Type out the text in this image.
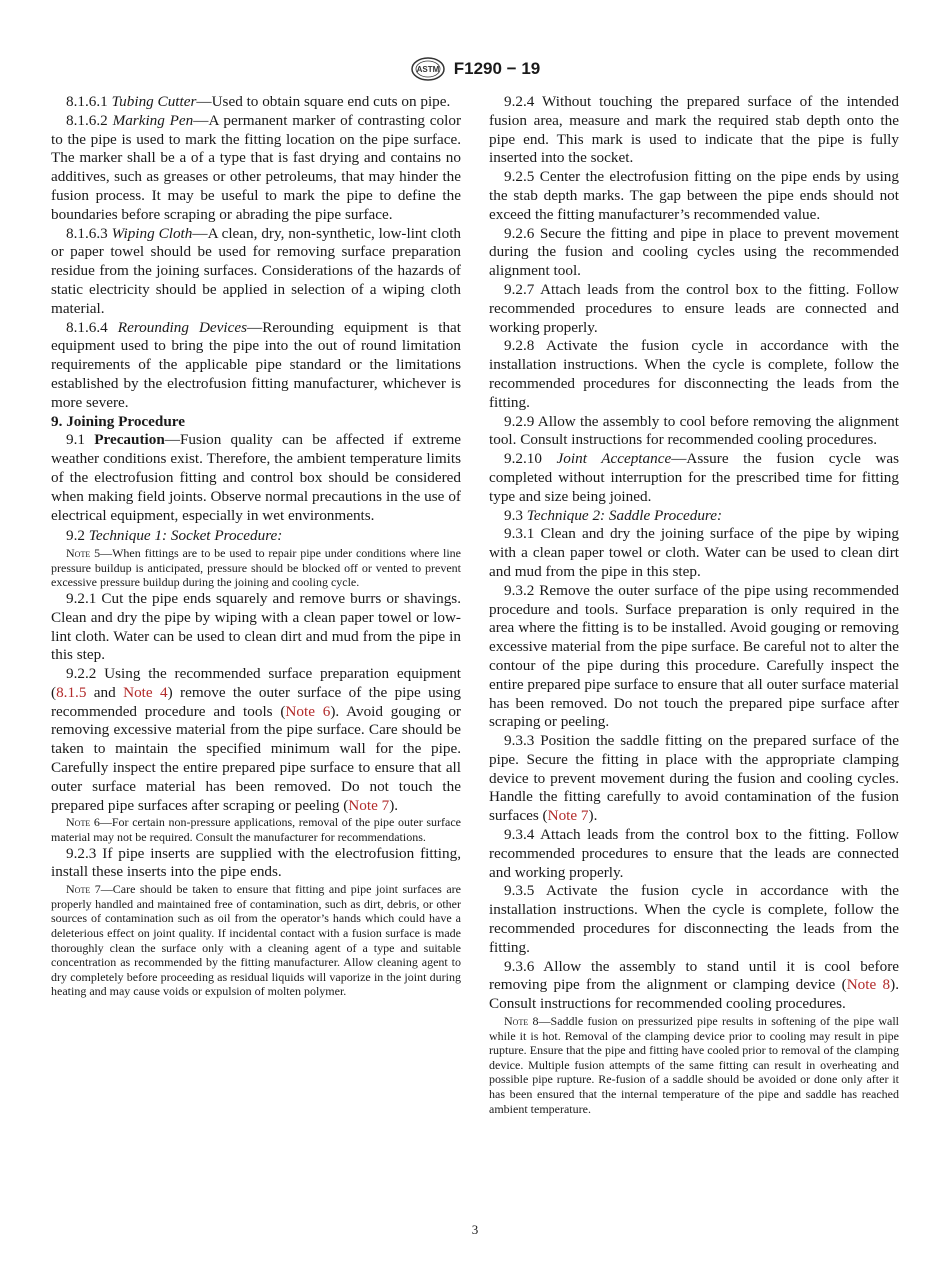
ASTM F1290 − 19

8.1.6.1 Tubing Cutter—Used to obtain square end cuts on pipe.

8.1.6.2 Marking Pen—A permanent marker of contrasting color to the pipe is used to mark the fitting location on the pipe surface. The marker shall be a of a type that is fast drying and contains no additives, such as greases or other petroleums, that may hinder the fusion process. It may be useful to mark the pipe to define the boundaries before scraping or abrading the pipe surface.

8.1.6.3 Wiping Cloth—A clean, dry, non-synthetic, low-lint cloth or paper towel should be used for removing surface preparation residue from the joining surfaces. Considerations of the hazards of static electricity should be applied in selection of a wiping cloth material.

8.1.6.4 Rerounding Devices—Rerounding equipment is that equipment used to bring the pipe into the out of round limitation requirements of the applicable pipe standard or the limitations established by the electrofusion fitting manufacturer, whichever is more severe.

9. Joining Procedure

9.1 Precaution—Fusion quality can be affected if extreme weather conditions exist. Therefore, the ambient temperature limits of the electrofusion fitting and control box should be considered when making field joints. Observe normal precautions in the use of electrical equipment, especially in wet environments.

9.2 Technique 1: Socket Procedure:

Note 5—When fittings are to be used to repair pipe under conditions where line pressure buildup is anticipated, pressure should be blocked off or vented to prevent excessive pressure buildup during the joining and cooling cycle.

9.2.1 Cut the pipe ends squarely and remove burrs or shavings. Clean and dry the pipe by wiping with a clean paper towel or low-lint cloth. Water can be used to clean dirt and mud from the pipe in this step.

9.2.2 Using the recommended surface preparation equipment (8.1.5 and Note 4) remove the outer surface of the pipe using recommended procedure and tools (Note 6). Avoid gouging or removing excessive material from the pipe surface. Care should be taken to maintain the specified minimum wall for the pipe. Carefully inspect the entire prepared pipe surface to ensure that all outer surface material has been removed. Do not touch the prepared pipe surfaces after scraping or peeling (Note 7).

Note 6—For certain non-pressure applications, removal of the pipe outer surface material may not be required. Consult the manufacturer for recommendations.

9.2.3 If pipe inserts are supplied with the electrofusion fitting, install these inserts into the pipe ends.

Note 7—Care should be taken to ensure that fitting and pipe joint surfaces are properly handled and maintained free of contamination, such as dirt, debris, or other sources of contamination such as oil from the operator’s hands which could have a deleterious effect on joint quality. If incidental contact with a fusion surface is made thoroughly clean the surface only with a cleaning agent of a type and suitable concentration as recommended by the fitting manufacturer. Allow cleaning agent to dry completely before proceeding as residual liquids will vaporize in the joint during heating and may cause voids or expulsion of molten polymer.

9.2.4 Without touching the prepared surface of the intended fusion area, measure and mark the required stab depth onto the pipe end. This mark is used to indicate that the pipe is fully inserted into the socket.

9.2.5 Center the electrofusion fitting on the pipe ends by using the stab depth marks. The gap between the pipe ends should not exceed the fitting manufacturer’s recommended value.

9.2.6 Secure the fitting and pipe in place to prevent movement during the fusion and cooling cycles using the recommended alignment tool.

9.2.7 Attach leads from the control box to the fitting. Follow recommended procedures to ensure leads are connected and working properly.

9.2.8 Activate the fusion cycle in accordance with the installation instructions. When the cycle is complete, follow the recommended procedures for disconnecting the leads from the fitting.

9.2.9 Allow the assembly to cool before removing the alignment tool. Consult instructions for recommended cooling procedures.

9.2.10 Joint Acceptance—Assure the fusion cycle was completed without interruption for the prescribed time for fitting type and size being joined.

9.3 Technique 2: Saddle Procedure:

9.3.1 Clean and dry the joining surface of the pipe by wiping with a clean paper towel or cloth. Water can be used to clean dirt and mud from the pipe in this step.

9.3.2 Remove the outer surface of the pipe using recommended procedure and tools. Surface preparation is only required in the area where the fitting is to be installed. Avoid gouging or removing excessive material from the pipe surface. Be careful not to alter the contour of the pipe during this procedure. Carefully inspect the entire prepared pipe surface to ensure that all outer surface material has been removed. Do not touch the prepared pipe surface after scraping or peeling.

9.3.3 Position the saddle fitting on the prepared surface of the pipe. Secure the fitting in place with the appropriate clamping device to prevent movement during the fusion and cooling cycles. Handle the fitting carefully to avoid contamination of the fusion surfaces (Note 7).

9.3.4 Attach leads from the control box to the fitting. Follow recommended procedures to ensure that the leads are connected and working properly.

9.3.5 Activate the fusion cycle in accordance with the installation instructions. When the cycle is complete, follow the recommended procedures for disconnecting the leads from the fitting.

9.3.6 Allow the assembly to stand until it is cool before removing pipe from the alignment or clamping device (Note 8). Consult instructions for recommended cooling procedures.

Note 8—Saddle fusion on pressurized pipe results in softening of the pipe wall while it is hot. Removal of the clamping device prior to cooling may result in pipe rupture. Ensure that the pipe and fitting have cooled prior to removal of the clamping device. Multiple fusion attempts of the same fitting can result in overheating and possible pipe rupture. Re-fusion of a saddle should be avoided or done only after it has been ensured that the internal temperature of the pipe and saddle has reached ambient temperature.

3
